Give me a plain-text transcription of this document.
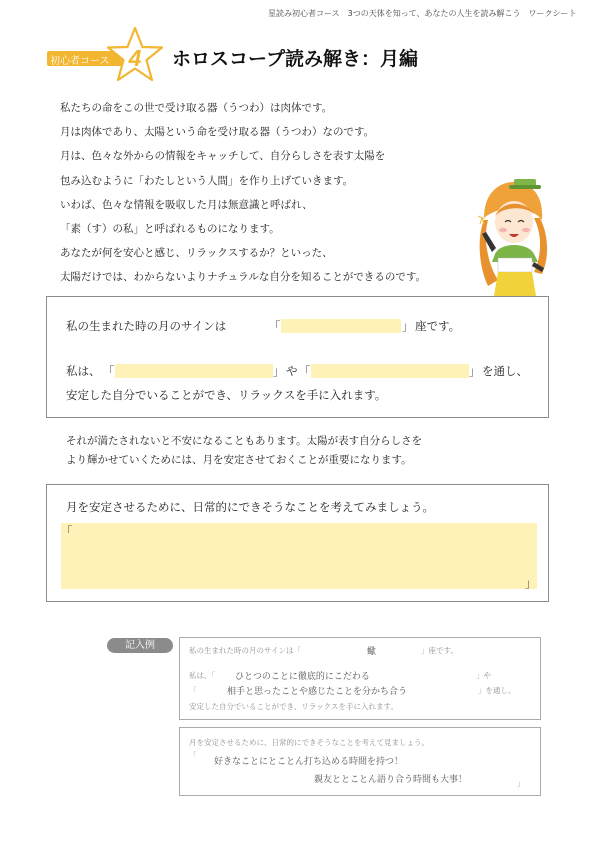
星読み初心者コース　3つの天体を知って、あなたの人生を読み解こう　ワークシート
初心者コース 4 ホロスコープ読み解き：月編

私たちの命をこの世で受け取る器（うつわ）は肉体です。

月は肉体であり、太陽という命を受け取る器（うつわ）なのです。

月は、色々な外からの情報をキャッチして、自分らしさを表す太陽を

包み込むように「わたしという人間」を作り上げていきます。

いわば、色々な情報を吸収した月は無意識と呼ばれ、

「素（す）の私」と呼ばれるものになります。

あなたが何を安心と感じ、リラックスするか？といった、

太陽だけでは、わからないよりナチュラルな自分を知ることができるのです。

私の生まれた時の月のサインは	「	」 座です。
私は、 「	」 や 「	」 を通し、
安定した自分でいることができ、リラックスを手に入れます。

それが満たされないと不安になることもあります。太陽が表す自分らしさを

より輝かせていくためには、月を安定させておくことが重要になります。

月を安定させるために、日常的にできそうなことを考えてみましょう。
「
」
記入例	私の生まれた時の月のサインは「	蠍	」座です。
私は、「 ひとつのことに徹底的にこだわる	」や
「	相手と思ったことや感じたことを分かち合う	」を通し、
安定した自分でいることができ、リラックスを手に入れます。
月を安定させるために、日常的にできそうなことを考えて見ましょう。
「
好きなことにとことん打ち込める時間を持つ！
親友ととことん語り合う時間も大事！	」
